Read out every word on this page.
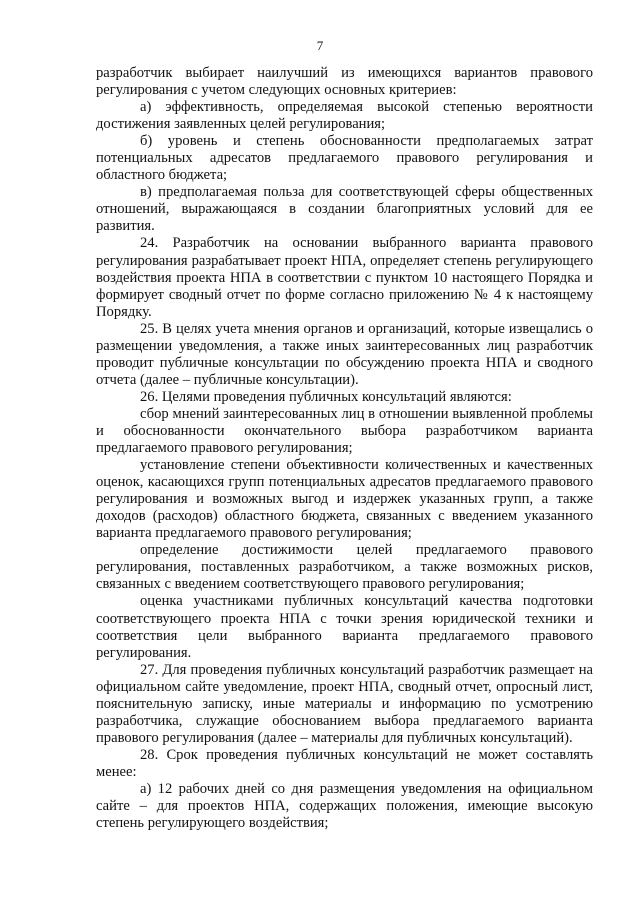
7

разработчик выбирает наилучший из имеющихся вариантов правового регулирования с учетом следующих основных критериев:

а) эффективность, определяемая высокой степенью вероятности достижения заявленных целей регулирования;

б) уровень и степень обоснованности предполагаемых затрат потенциальных адресатов предлагаемого правового регулирования и областного бюджета;

в) предполагаемая польза для соответствующей сферы общественных отношений, выражающаяся в создании благоприятных условий для ее развития.

24. Разработчик на основании выбранного варианта правового регулирования разрабатывает проект НПА, определяет степень регулирующего воздействия проекта НПА в соответствии с пунктом 10 настоящего Порядка и формирует сводный отчет по форме согласно приложению № 4 к настоящему Порядку.

25. В целях учета мнения органов и организаций, которые извещались о размещении уведомления, а также иных заинтересованных лиц разработчик проводит публичные консультации по обсуждению проекта НПА и сводного отчета (далее – публичные консультации).

26. Целями проведения публичных консультаций являются:

сбор мнений заинтересованных лиц в отношении выявленной проблемы и обоснованности окончательного выбора разработчиком варианта предлагаемого правового регулирования;

установление степени объективности количественных и качественных оценок, касающихся групп потенциальных адресатов предлагаемого правового регулирования и возможных выгод и издержек указанных групп, а также доходов (расходов) областного бюджета, связанных с введением указанного варианта предлагаемого правового регулирования;

определение достижимости целей предлагаемого правового регулирования, поставленных разработчиком, а также возможных рисков, связанных с введением соответствующего правового регулирования;

оценка участниками публичных консультаций качества подготовки соответствующего проекта НПА с точки зрения юридической техники и соответствия цели выбранного варианта предлагаемого правового регулирования.

27. Для проведения публичных консультаций разработчик размещает на официальном сайте уведомление, проект НПА, сводный отчет, опросный лист, пояснительную записку, иные материалы и информацию по усмотрению разработчика, служащие обоснованием выбора предлагаемого варианта правового регулирования (далее – материалы для публичных консультаций).

28. Срок проведения публичных консультаций не может составлять менее:

а) 12 рабочих дней со дня размещения уведомления на официальном сайте – для проектов НПА, содержащих положения, имеющие высокую степень регулирующего воздействия;
